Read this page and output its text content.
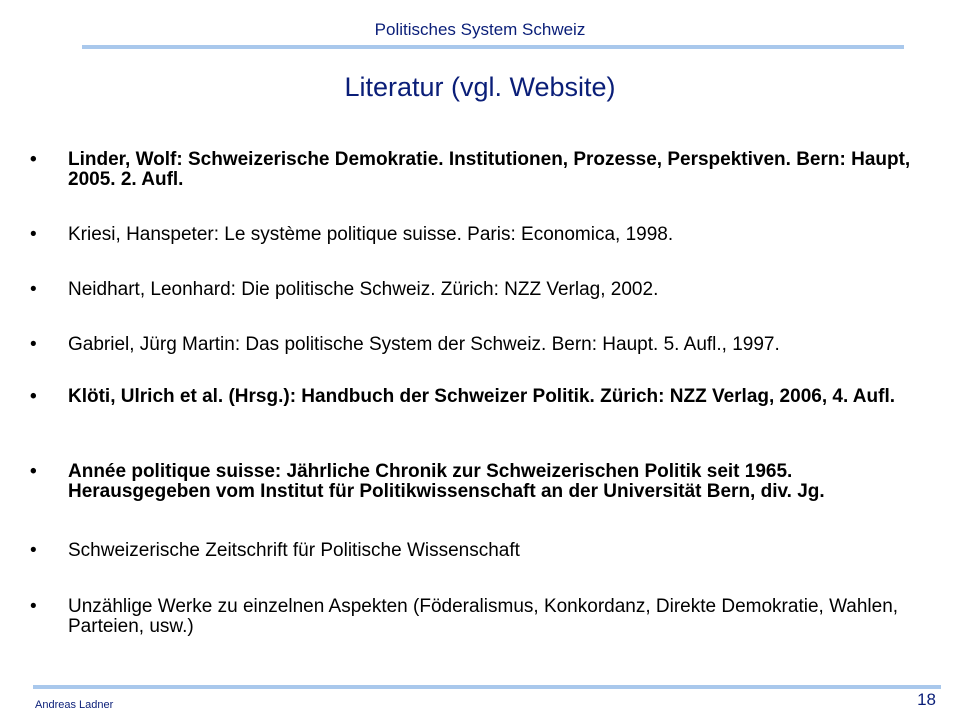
Politisches System Schweiz
Literatur (vgl. Website)
•	Linder, Wolf: Schweizerische Demokratie. Institutionen, Prozesse, Perspektiven. Bern: Haupt, 2005. 2. Aufl.
•	Kriesi, Hanspeter: Le système politique suisse. Paris: Economica, 1998.
•	Neidhart, Leonhard: Die politische Schweiz. Zürich: NZZ Verlag, 2002.
•	Gabriel, Jürg Martin: Das politische System der Schweiz. Bern: Haupt. 5. Aufl., 1997.
•	Klöti, Ulrich et al. (Hrsg.): Handbuch der Schweizer Politik. Zürich: NZZ Verlag, 2006, 4. Aufl.
•	Année politique suisse: Jährliche Chronik zur Schweizerischen Politik seit 1965. Herausgegeben vom Institut für Politikwissenschaft an der Universität Bern, div. Jg.
•	Schweizerische Zeitschrift für Politische Wissenschaft
•	Unzählige Werke zu einzelnen Aspekten (Föderalismus, Konkordanz, Direkte Demokratie, Wahlen, Parteien, usw.)
Andreas Ladner	18
